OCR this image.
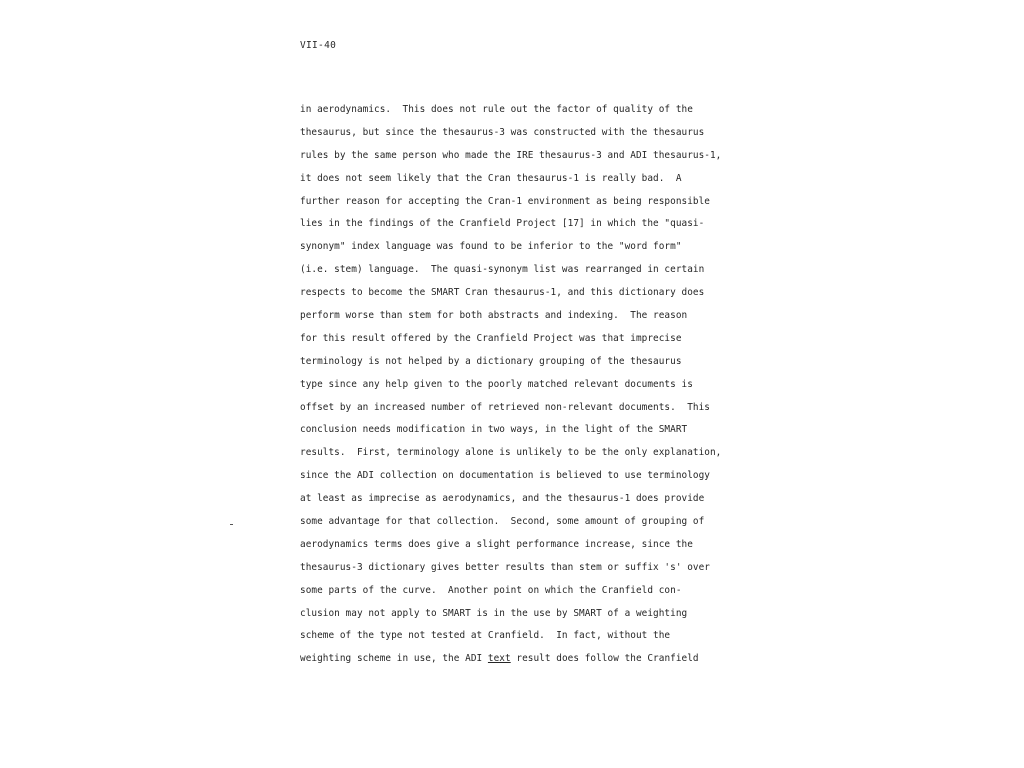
VII-40
in aerodynamics.  This does not rule out the factor of quality of the
thesaurus, but since the thesaurus-3 was constructed with the thesaurus
rules by the same person who made the IRE thesaurus-3 and ADI thesaurus-1,
it does not seem likely that the Cran thesaurus-1 is really bad.  A
further reason for accepting the Cran-1 environment as being responsible
lies in the findings of the Cranfield Project [17] in which the "quasi-
synonym" index language was found to be inferior to the "word form"
(i.e. stem) language.  The quasi-synonym list was rearranged in certain
respects to become the SMART Cran thesaurus-1, and this dictionary does
perform worse than stem for both abstracts and indexing.  The reason
for this result offered by the Cranfield Project was that imprecise
terminology is not helped by a dictionary grouping of the thesaurus
type since any help given to the poorly matched relevant documents is
offset by an increased number of retrieved non-relevant documents.  This
conclusion needs modification in two ways, in the light of the SMART
results.  First, terminology alone is unlikely to be the only explanation,
since the ADI collection on documentation is believed to use terminology
at least as imprecise as aerodynamics, and the thesaurus-1 does provide
some advantage for that collection.  Second, some amount of grouping of
aerodynamics terms does give a slight performance increase, since the
thesaurus-3 dictionary gives better results than stem or suffix 's' over
some parts of the curve.  Another point on which the Cranfield con-
clusion may not apply to SMART is in the use by SMART of a weighting
scheme of the type not tested at Cranfield.  In fact, without the
weighting scheme in use, the ADI text result does follow the Cranfield
